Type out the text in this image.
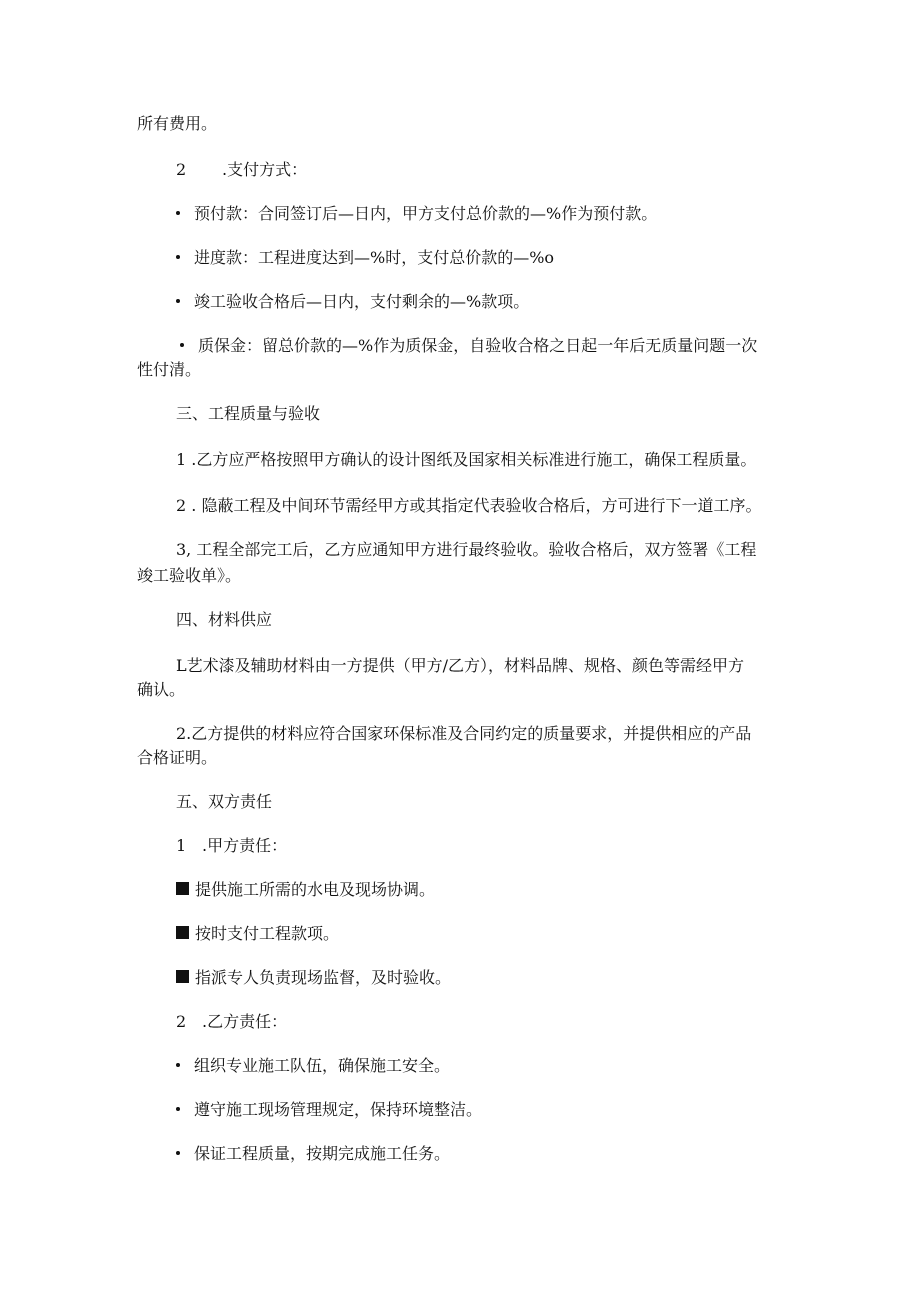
所有费用。
2 .支付方式：
预付款：合同签订后—日内，甲方支付总价款的—%作为预付款。
进度款：工程进度达到—%时，支付总价款的—%o
竣工验收合格后—日内，支付剩余的—%款项。
质保金：留总价款的—%作为质保金，自验收合格之日起一年后无质量问题一次
性付清。
三、工程质量与验收
1 .乙方应严格按照甲方确认的设计图纸及国家相关标准进行施工，确保工程质量。
2 . 隐蔽工程及中间环节需经甲方或其指定代表验收合格后，方可进行下一道工序。
3, 工程全部完工后，乙方应通知甲方进行最终验收。验收合格后，双方签署《工程
竣工验收单》。
四、材料供应
L艺术漆及辅助材料由一方提供（甲方/乙方），材料品牌、规格、颜色等需经甲方
确认。
2.乙方提供的材料应符合国家环保标准及合同约定的质量要求，并提供相应的产品
合格证明。
五、双方责任
1 .甲方责任：
提供施工所需的水电及现场协调。
按时支付工程款项。
指派专人负责现场监督，及时验收。
2 .乙方责任：
组织专业施工队伍，确保施工安全。
遵守施工现场管理规定，保持环境整洁。
保证工程质量，按期完成施工任务。
